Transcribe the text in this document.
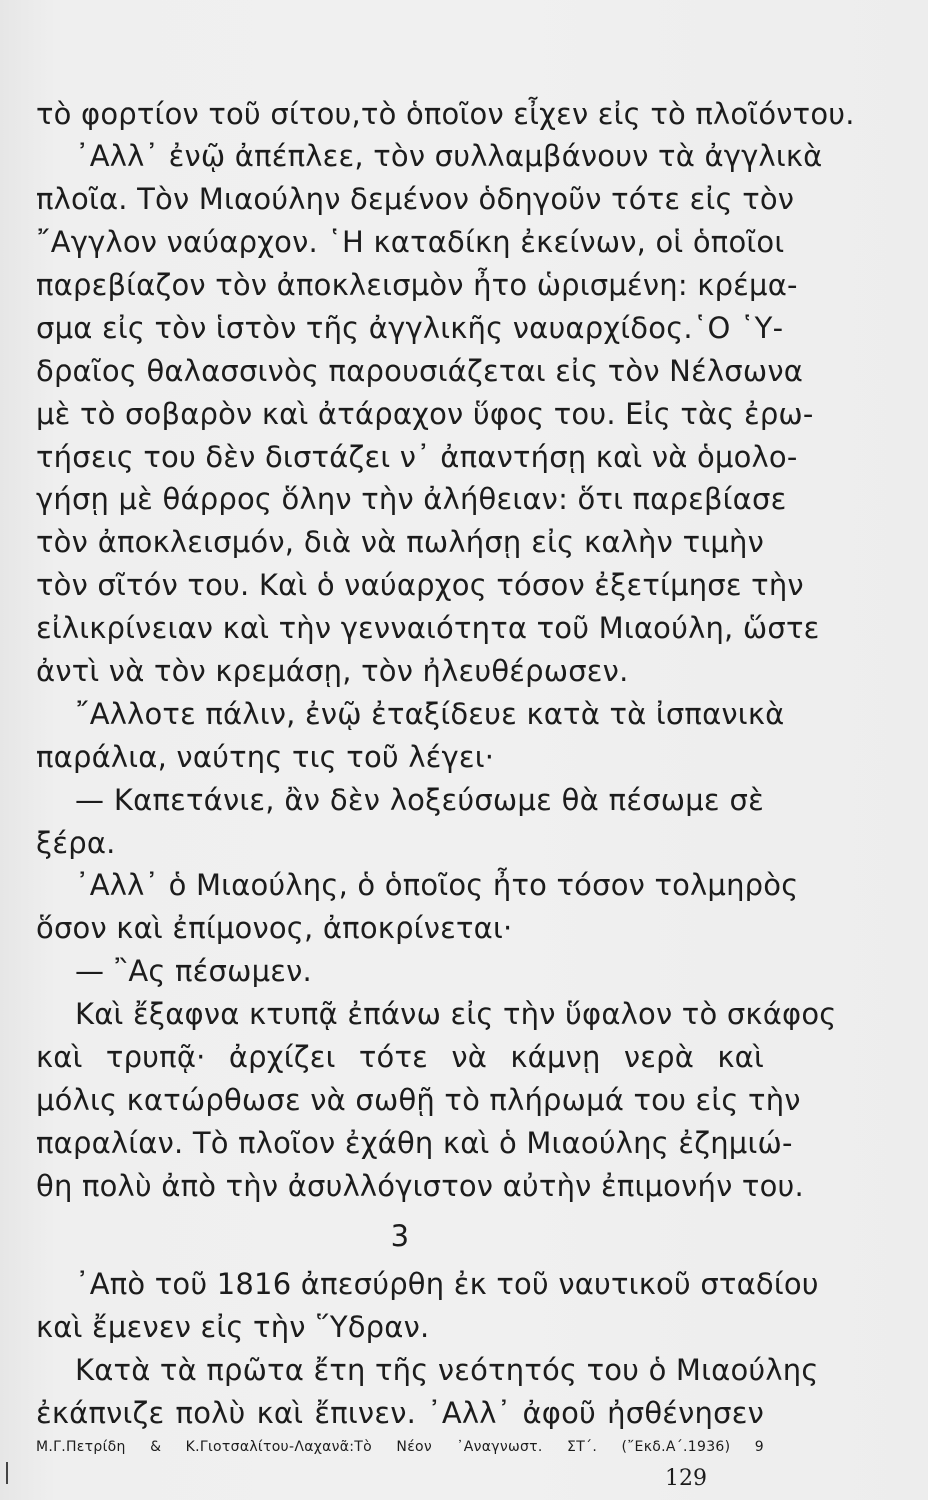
τὸ φορτίον τοῦ σίτου,τὸ ὁποῖον εἶχεν εἰς τὸ πλοῖόντου.
᾿Αλλ᾿ ἐνῷ ἀπέπλεε, τὸν συλλαμβάνουν τὰ ἀγγλικὰ
πλοῖα. Τὸν Μιαούλην δεμένον ὁδηγοῦν τότε εἰς τὸν
῎Αγγλον ναύαρχον. ῾Η καταδίκη ἐκείνων, οἱ ὁποῖοι
παρεβίαζον τὸν ἀποκλεισμὸν ἦτο ὡρισμένη: κρέμα-
σμα εἰς τὸν ἱστὸν τῆς ἀγγλικῆς ναυαρχίδος.῾Ο ῾Υ-
δραῖος θαλασσινὸς παρουσιάζεται εἰς τὸν Νέλσωνα
μὲ τὸ σοβαρὸν καὶ ἀτάραχον ὕφος του. Εἰς τὰς ἐρω-
τήσεις του δὲν διστάζει ν᾿ ἀπαντήσῃ καὶ νὰ ὁμολο-
γήσῃ μὲ θάρρος ὅλην τὴν ἀλήθειαν: ὅτι παρεβίασε
τὸν ἀποκλεισμόν, διὰ νὰ πωλήσῃ εἰς καλὴν τιμὴν
τὸν σῖτόν του. Καὶ ὁ ναύαρχος τόσον ἐξετίμησε τὴν
εἰλικρίνειαν καὶ τὴν γενναιότητα τοῦ Μιαούλη, ὥστε
ἀντὶ νὰ τὸν κρεμάσῃ, τὸν ἠλευθέρωσεν.
῎Αλλοτε πάλιν, ἐνῷ ἐταξίδευε κατὰ τὰ ἰσπανικὰ
παράλια, ναύτης τις τοῦ λέγει·
— Καπετάνιε, ἂν δὲν λοξεύσωμε θὰ πέσωμε σὲ
ξέρα.
᾿Αλλ᾿ ὁ Μιαούλης, ὁ ὁποῖος ἦτο τόσον τολμηρὸς
ὅσον καὶ ἐπίμονος, ἀποκρίνεται·
— ῍Ας πέσωμεν.
Καὶ ἔξαφνα κτυπᾷ ἐπάνω εἰς τὴν ὕφαλον τὸ σκάφος
καὶ τρυπᾷ· ἀρχίζει τότε νὰ κάμνῃ νερὰ καὶ
μόλις κατώρθωσε νὰ σωθῇ τὸ πλήρωμά του εἰς τὴν
παραλίαν. Τὸ πλοῖον ἐχάθη καὶ ὁ Μιαούλης ἐζημιώ-
θη πολὺ ἀπὸ τὴν ἀσυλλόγιστον αὐτὴν ἐπιμονήν του.
3
᾿Απὸ τοῦ 1816 ἀπεσύρθη ἐκ τοῦ ναυτικοῦ σταδίου
καὶ ἔμενεν εἰς τὴν ῞Υδραν.
Κατὰ τὰ πρῶτα ἔτη τῆς νεότητός του ὁ Μιαούλης
ἐκάπνιζε πολὺ καὶ ἔπινεν. ᾿Αλλ᾿ ἀφοῦ ἠσθένησεν
Μ.Γ.Πετρίδη & Κ.Γιοτσαλίτου-Λαχανᾶ:Τὸ Νέον ᾿Αναγνωστ. ΣΤ΄. (῎Εκδ.Α΄.1936) 9
129
